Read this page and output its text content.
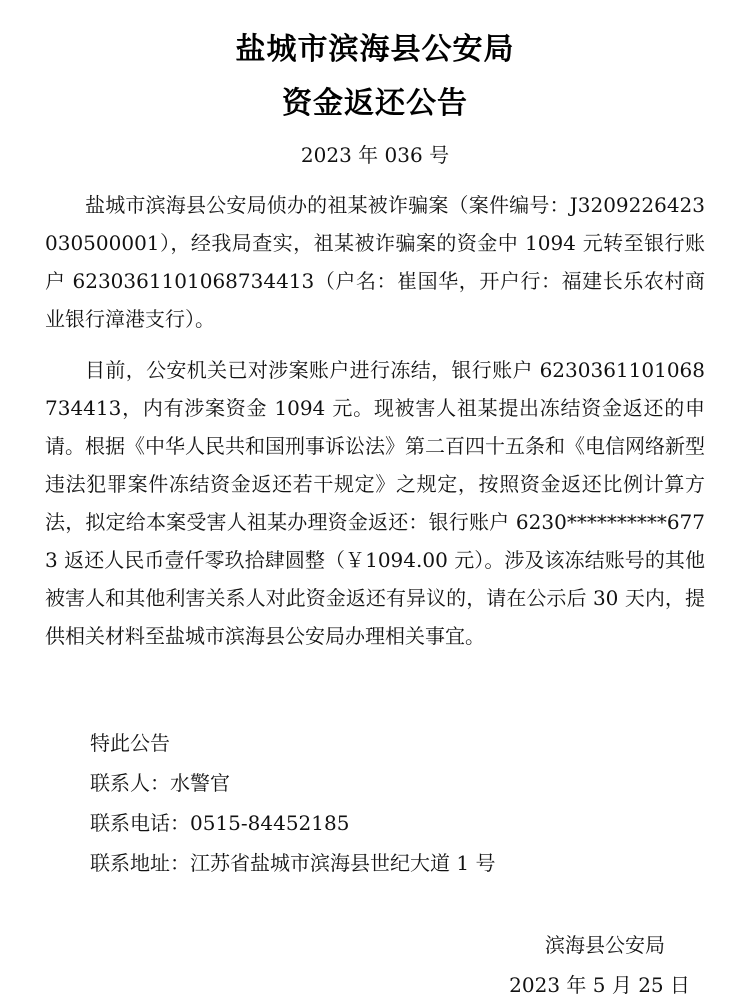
盐城市滨海县公安局
资金返还公告
2023 年 036 号

盐城市滨海县公安局侦办的祖某被诈骗案（案件编号：J3209226423030500001），经我局查实，祖某被诈骗案的资金中 1094 元转至银行账户 6230361101068734413（户名：崔国华，开户行：福建长乐农村商业银行漳港支行）。

目前，公安机关已对涉案账户进行冻结，银行账户 6230361101068734413，内有涉案资金 1094 元。现被害人祖某提出冻结资金返还的申请。根据《中华人民共和国刑事诉讼法》第二百四十五条和《电信网络新型违法犯罪案件冻结资金返还若干规定》之规定，按照资金返还比例计算方法，拟定给本案受害人祖某办理资金返还：银行账户 6230**********6773 返还人民币壹仟零玖拾肆圆整（￥1094.00 元）。涉及该冻结账号的其他被害人和其他利害关系人对此资金返还有异议的，请在公示后 30 天内，提供相关材料至盐城市滨海县公安局办理相关事宜。

特此公告
联系人：水警官
联系电话：0515-84452185
联系地址：江苏省盐城市滨海县世纪大道 1 号
滨海县公安局
2023 年 5 月 25 日
